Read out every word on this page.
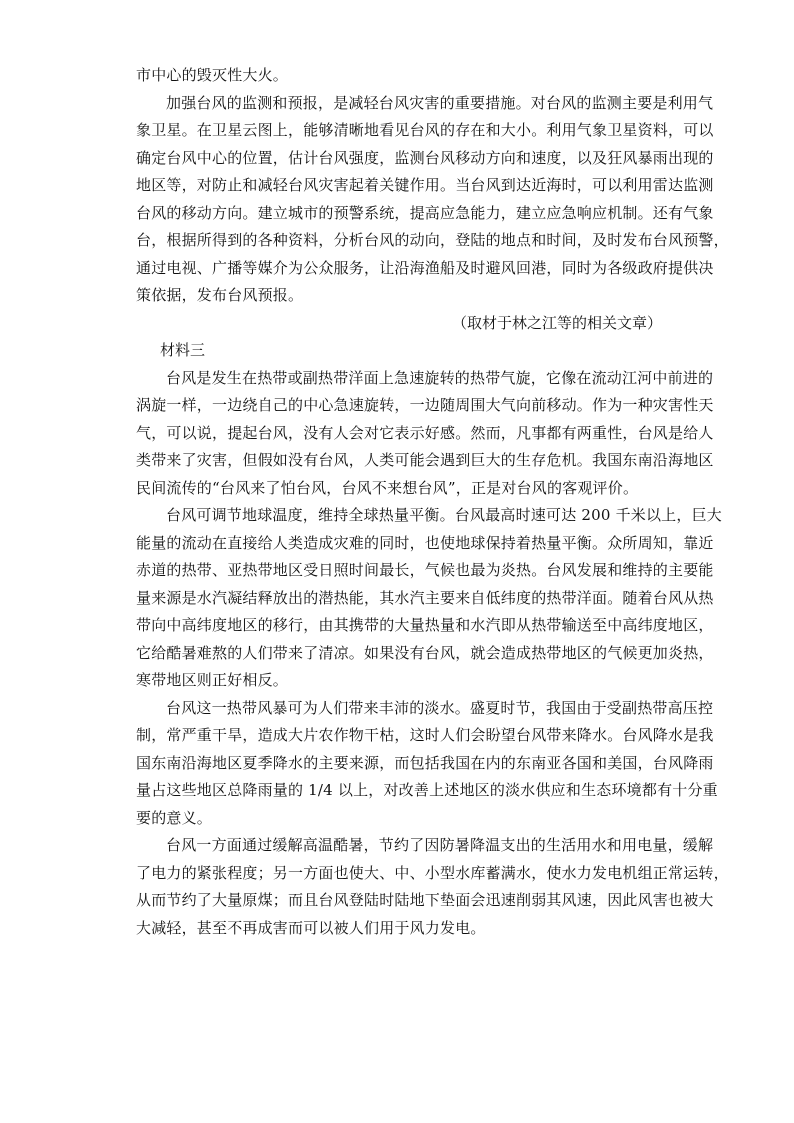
市中心的毁灭性大火。
加强台风的监测和预报，是减轻台风灾害的重要措施。对台风的监测主要是利用气
象卫星。在卫星云图上，能够清晰地看见台风的存在和大小。利用气象卫星资料，可以
确定台风中心的位置，估计台风强度，监测台风移动方向和速度，以及狂风暴雨出现的
地区等，对防止和减轻台风灾害起着关键作用。当台风到达近海时，可以利用雷达监测
台风的移动方向。建立城市的预警系统，提高应急能力，建立应急响应机制。还有气象
台，根据所得到的各种资料，分析台风的动向，登陆的地点和时间，及时发布台风预警，
通过电视、广播等媒介为公众服务，让沿海渔船及时避风回港，同时为各级政府提供决
策依据，发布台风预报。
（取材于林之江等的相关文章）
材料三
台风是发生在热带或副热带洋面上急速旋转的热带气旋，它像在流动江河中前进的
涡旋一样，一边绕自己的中心急速旋转，一边随周围大气向前移动。作为一种灾害性天
气，可以说，提起台风，没有人会对它表示好感。然而，凡事都有两重性，台风是给人
类带来了灾害，但假如没有台风，人类可能会遇到巨大的生存危机。我国东南沿海地区
民间流传的“台风来了怕台风，台风不来想台风”，正是对台风的客观评价。
台风可调节地球温度，维持全球热量平衡。台风最高时速可达 200 千米以上，巨大
能量的流动在直接给人类造成灾难的同时，也使地球保持着热量平衡。众所周知，靠近
赤道的热带、亚热带地区受日照时间最长，气候也最为炎热。台风发展和维持的主要能
量来源是水汽凝结释放出的潜热能，其水汽主要来自低纬度的热带洋面。随着台风从热
带向中高纬度地区的移行，由其携带的大量热量和水汽即从热带输送至中高纬度地区，
它给酷暑难熬的人们带来了清凉。如果没有台风，就会造成热带地区的气候更加炎热，
寒带地区则正好相反。
台风这一热带风暴可为人们带来丰沛的淡水。盛夏时节，我国由于受副热带高压控
制，常严重干旱，造成大片农作物干枯，这时人们会盼望台风带来降水。台风降水是我
国东南沿海地区夏季降水的主要来源，而包括我国在内的东南亚各国和美国，台风降雨
量占这些地区总降雨量的 1/4 以上，对改善上述地区的淡水供应和生态环境都有十分重
要的意义。
台风一方面通过缓解高温酷暑，节约了因防暑降温支出的生活用水和用电量，缓解
了电力的紧张程度；另一方面也使大、中、小型水库蓄满水，使水力发电机组正常运转，
从而节约了大量原煤；而且台风登陆时陆地下垫面会迅速削弱其风速，因此风害也被大
大减轻，甚至不再成害而可以被人们用于风力发电。
